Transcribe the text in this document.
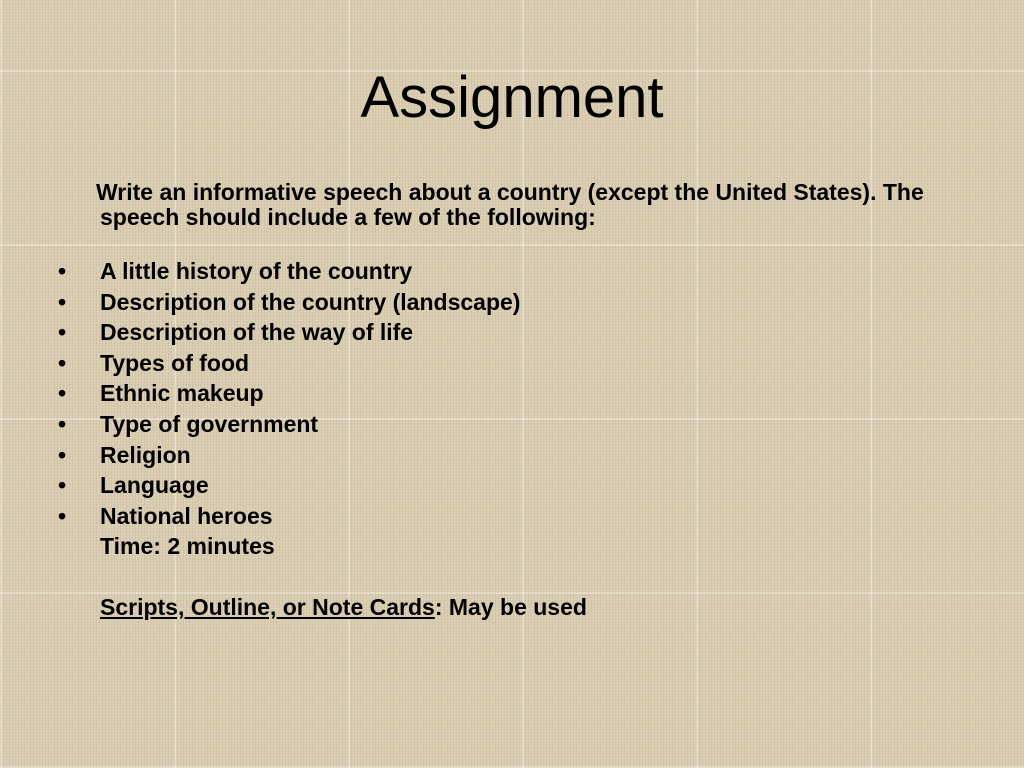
Assignment

Write an informative speech about a country (except the United States). The speech should include a few of the following:

• A little history of the country
• Description of the country (landscape)
• Description of the way of life
• Types of food
• Ethnic makeup
• Type of government
• Religion
• Language
• National heroes

Time: 2 minutes

Scripts, Outline, or Note Cards: May be used
